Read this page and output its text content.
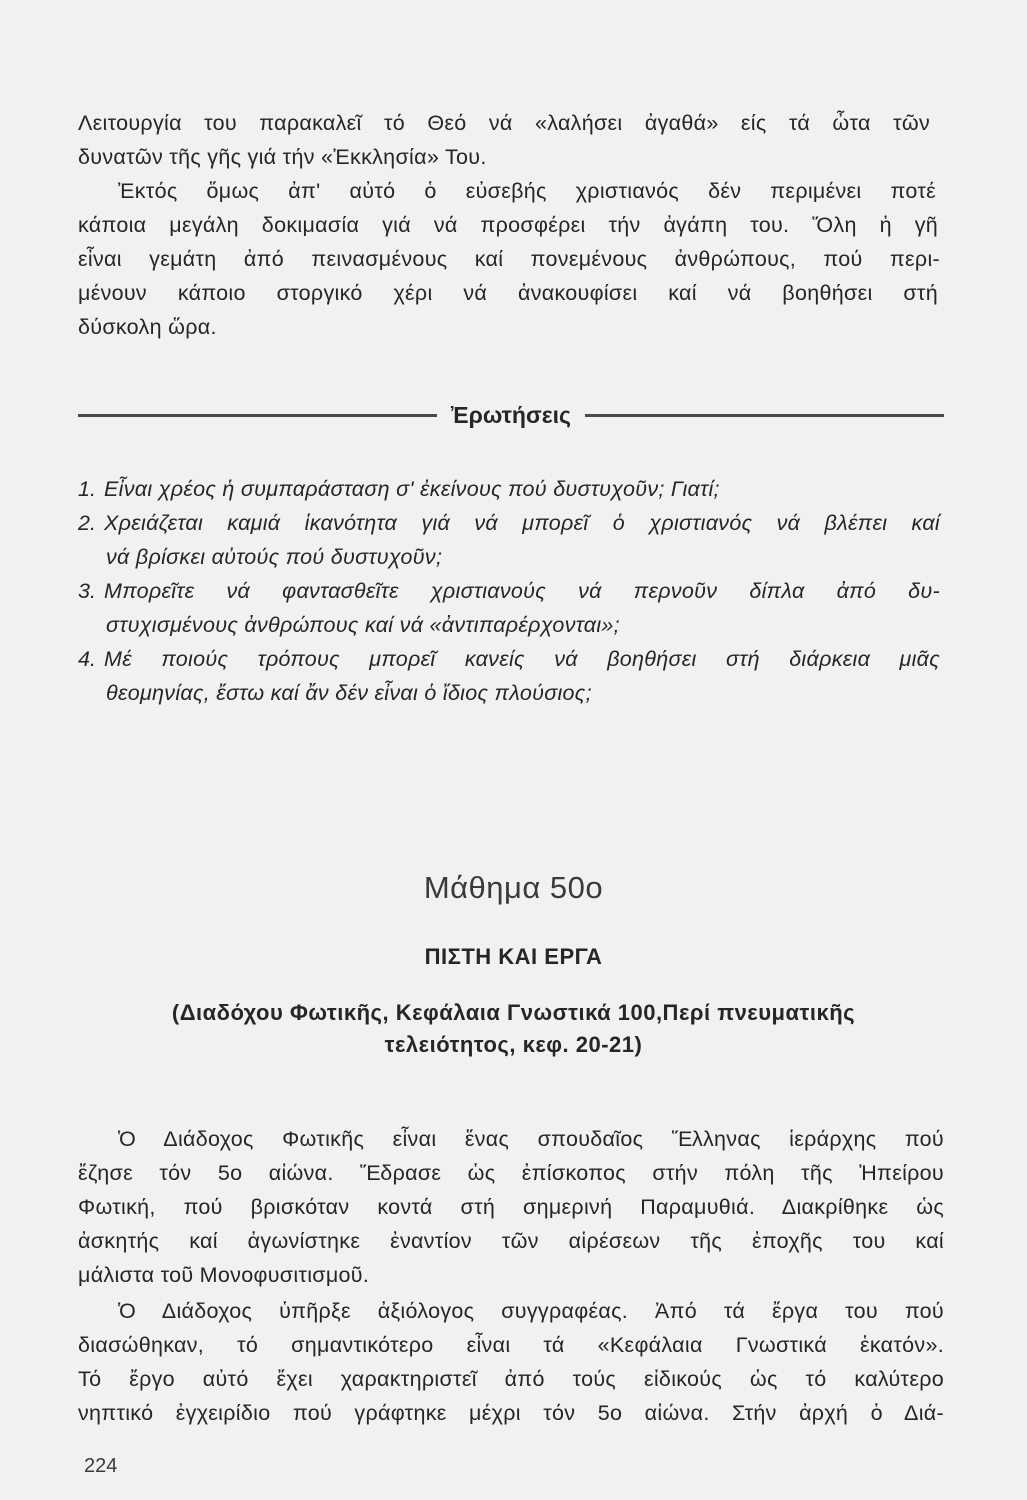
Λειτουργία του παρακαλεῖ τό Θεό νά «λαλήσει ἀγαθά» είς τά ὦτα τῶν
δυνατῶν τῆς γῆς γιά τήν «Ἐκκλησία» Του.
Ἐκτός ὅμως ἀπ' αὐτό ὁ εὐσεβής χριστιανός δέν περιμένει ποτέ
κάποια μεγάλη δοκιμασία γιά νά προσφέρει τήν ἀγάπη του. Ὅλη ἡ γῆ
εἶναι γεμάτη ἀπό πεινασμένους καί πονεμένους ἀνθρώπους, πού περι-
μένουν κάποιο στοργικό χέρι νά ἀνακουφίσει καί νά βοηθήσει στή
δύσκολη ὥρα.
Ἐρωτήσεις
1. Εἶναι χρέος ἡ συμπαράσταση σ' ἐκείνους πού δυστυχοῦν; Γιατί;
2. Χρειάζεται καμιά ἱκανότητα γιά νά μπορεῖ ὁ χριστιανός νά βλέπει καί
νά βρίσκει αὐτούς πού δυστυχοῦν;
3. Μπορεῖτε νά φαντασθεῖτε χριστιανούς νά περνοῦν δίπλα ἀπό δυ-
στυχισμένους ἀνθρώπους καί νά «ἀντιπαρέρχονται»;
4. Μέ ποιούς τρόπους μπορεῖ κανείς νά βοηθήσει στή διάρκεια μιᾶς
θεομηνίας, ἔστω καί ἄν δέν εἶναι ὁ ἴδιος πλούσιος;
Μάθημα 50ο
ΠΙΣΤΗ ΚΑΙ ΕΡΓΑ
(Διαδόχου Φωτικῆς, Κεφάλαια Γνωστικά 100,Περί πνευματικῆς
τελειότητος, κεφ. 20-21)
Ὁ Διάδοχος Φωτικῆς εἶναι ἕνας σπουδαῖος Ἕλληνας ἱεράρχης πού
ἔζησε τόν 5ο αἰώνα. Ἕδρασε ὡς ἐπίσκοπος στήν πόλη τῆς Ἠπείρου
Φωτική, πού βρισκόταν κοντά στή σημερινή Παραμυθιά. Διακρίθηκε ὡς
ἀσκητής καί ἀγωνίστηκε ἐναντίον τῶν αἱρέσεων τῆς ἐποχῆς του καί
μάλιστα τοῦ Μονοφυσιτισμοῦ.
Ὁ Διάδοχος ὑπῆρξε ἀξιόλογος συγγραφέας. Ἀπό τά ἔργα του πού
διασώθηκαν, τό σημαντικότερο εἶναι τά «Κεφάλαια Γνωστικά ἑκατόν».
Τό ἔργο αὐτό ἔχει χαρακτηριστεῖ ἀπό τούς εἰδικούς ὡς τό καλύτερο
νηπτικό ἐγχειρίδιο πού γράφτηκε μέχρι τόν 5ο αἰώνα. Στήν ἀρχή ὁ Διά-
224
